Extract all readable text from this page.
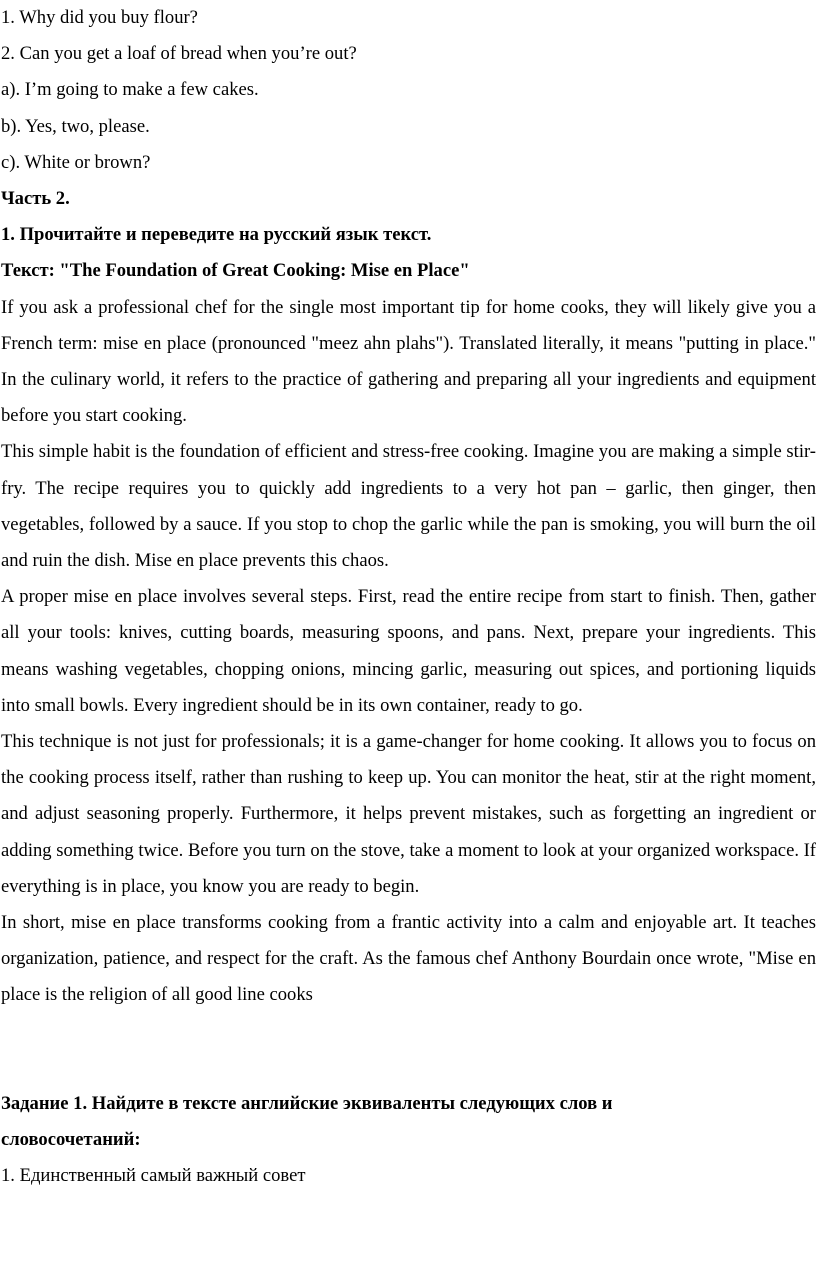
1. Why did you buy flour?

2. Can you get a loaf of bread when you’re out?

a). I’m going to make a few cakes.

b). Yes, two, please.

c). White or brown?

Часть 2.

1. Прочитайте и переведите на русский язык текст.

Текст: "The Foundation of Great Cooking: Mise en Place"

If you ask a professional chef for the single most important tip for home cooks, they will likely give you a French term: mise en place (pronounced "meez ahn plahs"). Translated literally, it means "putting in place." In the culinary world, it refers to the practice of gathering and preparing all your ingredients and equipment before you start cooking.

This simple habit is the foundation of efficient and stress-free cooking. Imagine you are making a simple stir-fry. The recipe requires you to quickly add ingredients to a very hot pan – garlic, then ginger, then vegetables, followed by a sauce. If you stop to chop the garlic while the pan is smoking, you will burn the oil and ruin the dish. Mise en place prevents this chaos.

A proper mise en place involves several steps. First, read the entire recipe from start to finish. Then, gather all your tools: knives, cutting boards, measuring spoons, and pans. Next, prepare your ingredients. This means washing vegetables, chopping onions, mincing garlic, measuring out spices, and portioning liquids into small bowls. Every ingredient should be in its own container, ready to go.

This technique is not just for professionals; it is a game-changer for home cooking. It allows you to focus on the cooking process itself, rather than rushing to keep up. You can monitor the heat, stir at the right moment, and adjust seasoning properly. Furthermore, it helps prevent mistakes, such as forgetting an ingredient or adding something twice. Before you turn on the stove, take a moment to look at your organized workspace. If everything is in place, you know you are ready to begin.

In short, mise en place transforms cooking from a frantic activity into a calm and enjoyable art. It teaches organization, patience, and respect for the craft. As the famous chef Anthony Bourdain once wrote, "Mise en place is the religion of all good line cooks

Задание 1. Найдите в тексте английские эквиваленты следующих слов и словосочетаний:

1. Единственный самый важный совет
